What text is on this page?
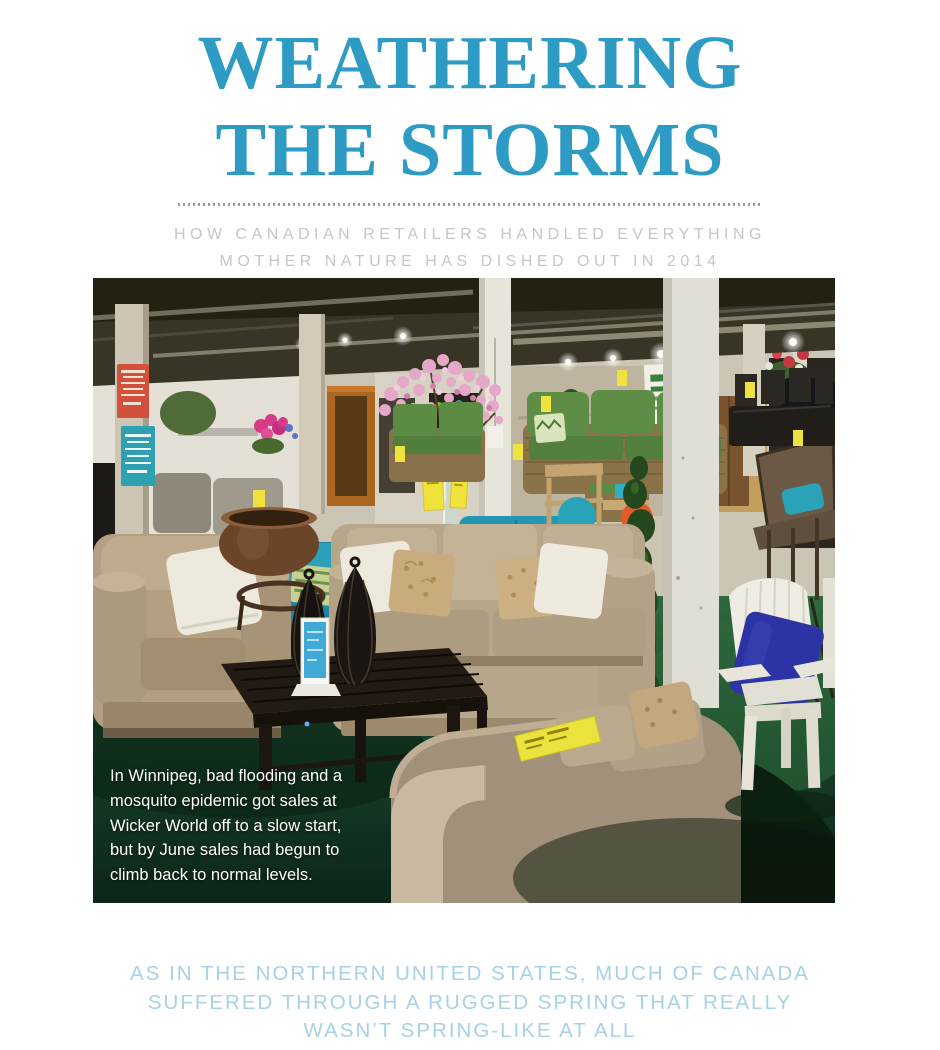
WEATHERING
THE STORMS
HOW CANADIAN RETAILERS HANDLED EVERYTHING
MOTHER NATURE HAS DISHED OUT IN 2014
In Winnipeg, bad flooding and a
mosquito epidemic got sales at
Wicker World off to a slow start,
but by June sales had begun to
climb back to normal levels.
AS IN THE NORTHERN UNITED STATES, MUCH OF CANADA
SUFFERED THROUGH A RUGGED SPRING THAT REALLY
WASN’T SPRING-LIKE AT ALL
